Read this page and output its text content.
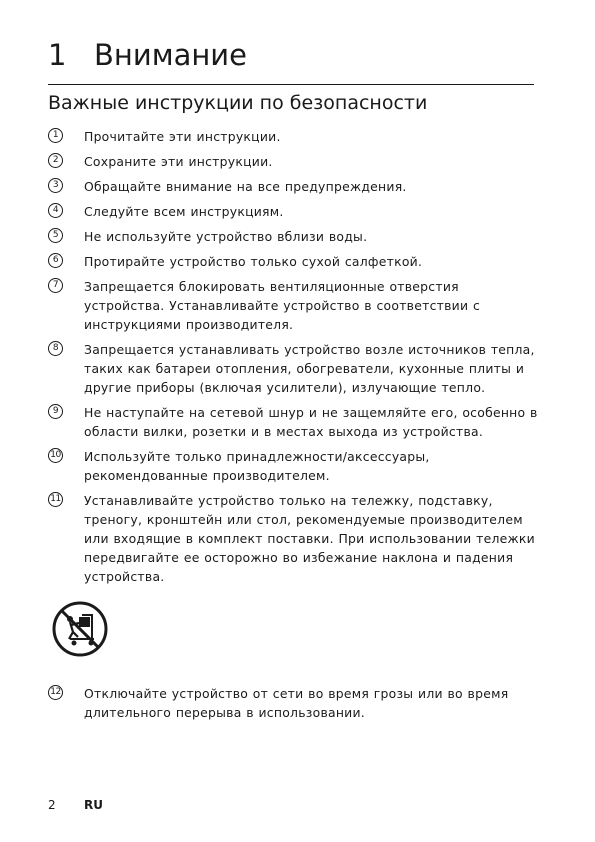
1 Внимание
Важные инструкции по безопасности
1	Прочитайте эти инструкции.
2	Сохраните эти инструкции.
3	Обращайте внимание на все предупреждения.
4	Следуйте всем инструкциям.
5	Не используйте устройство вблизи воды.
6	Протирайте устройство только сухой салфеткой.
7	Запрещается блокировать вентиляционные отверстия устройства. Устанавливайте устройство в соответствии с инструкциями производителя.
8	Запрещается устанавливать устройство возле источников тепла, таких как батареи отопления, обогреватели, кухонные плиты и другие приборы (включая усилители), излучающие тепло.
9	Не наступайте на сетевой шнур и не защемляйте его, особенно в области вилки, розетки и в местах выхода из устройства.
10 Используйте только принадлежности/аксессуары, рекомендованные производителем.
11 Устанавливайте устройство только на тележку, подставку, треногу, кронштейн или стол, рекомендуемые производителем или входящие в комплект поставки. При использовании тележки передвигайте ее осторожно во избежание наклона и падения устройства.
12 Отключайте устройство от сети во время грозы или во время длительного перерыва в использовании.
2 RU
